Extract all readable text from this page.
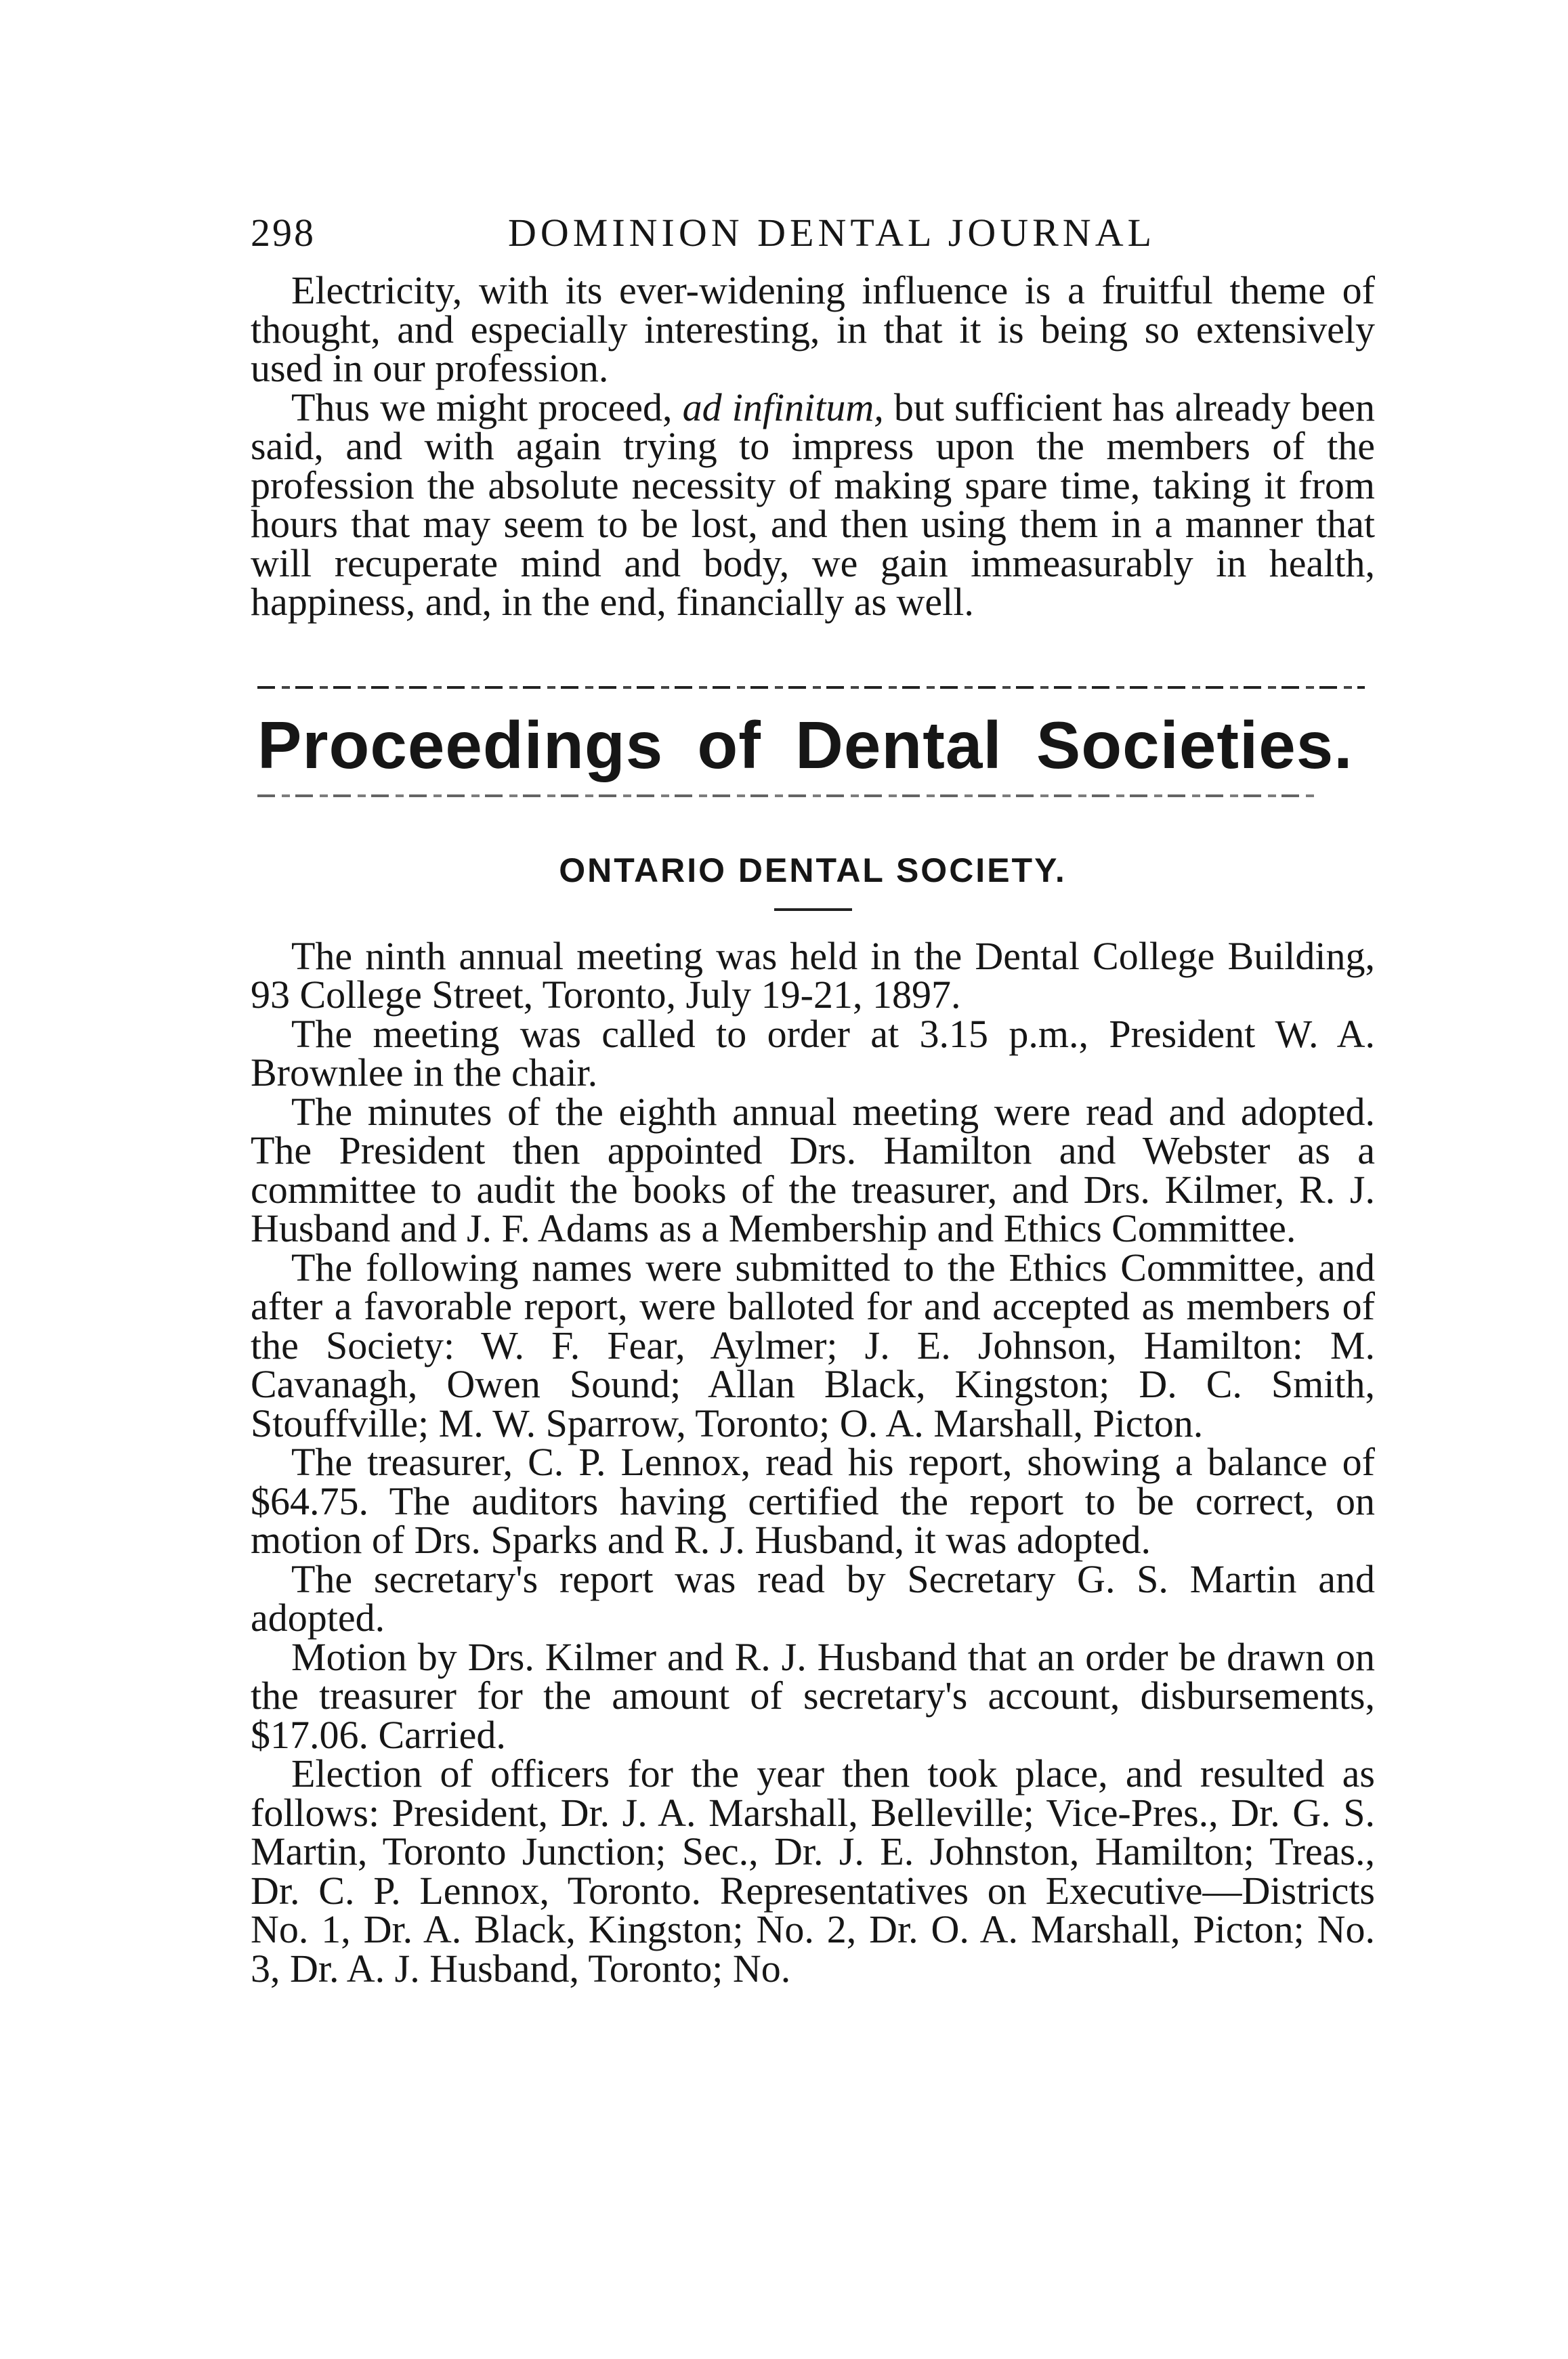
298	DOMINION DENTAL JOURNAL

Electricity, with its ever-widening influence is a fruitful theme of thought, and especially interesting, in that it is being so extensively used in our profession.

Thus we might proceed, ad infinitum, but sufficient has already been said, and with again trying to impress upon the members of the profession the absolute necessity of making spare time, taking it from hours that may seem to be lost, and then using them in a manner that will recuperate mind and body, we gain immeasurably in health, happiness, and, in the end, financially as well.

Proceedings of Dental Societies.
ONTARIO DENTAL SOCIETY.

The ninth annual meeting was held in the Dental College Building, 93 College Street, Toronto, July 19-21, 1897.

The meeting was called to order at 3.15 p.m., President W. A. Brownlee in the chair.

The minutes of the eighth annual meeting were read and adopted. The President then appointed Drs. Hamilton and Webster as a committee to audit the books of the treasurer, and Drs. Kilmer, R. J. Husband and J. F. Adams as a Membership and Ethics Committee.

The following names were submitted to the Ethics Committee, and after a favorable report, were balloted for and accepted as members of the Society: W. F. Fear, Aylmer; J. E. Johnson, Hamilton: M. Cavanagh, Owen Sound; Allan Black, Kingston; D. C. Smith, Stouffville; M. W. Sparrow, Toronto; O. A. Marshall, Picton.

The treasurer, C. P. Lennox, read his report, showing a balance of $64.75. The auditors having certified the report to be correct, on motion of Drs. Sparks and R. J. Husband, it was adopted.

The secretary's report was read by Secretary G. S. Martin and adopted.

Motion by Drs. Kilmer and R. J. Husband that an order be drawn on the treasurer for the amount of secretary's account, disbursements, $17.06. Carried.

Election of officers for the year then took place, and resulted as follows: President, Dr. J. A. Marshall, Belleville; Vice-Pres., Dr. G. S. Martin, Toronto Junction; Sec., Dr. J. E. Johnston, Hamilton; Treas., Dr. C. P. Lennox, Toronto. Representatives on Executive—Districts No. 1, Dr. A. Black, Kingston; No. 2, Dr. O. A. Marshall, Picton; No. 3, Dr. A. J. Husband, Toronto; No.
